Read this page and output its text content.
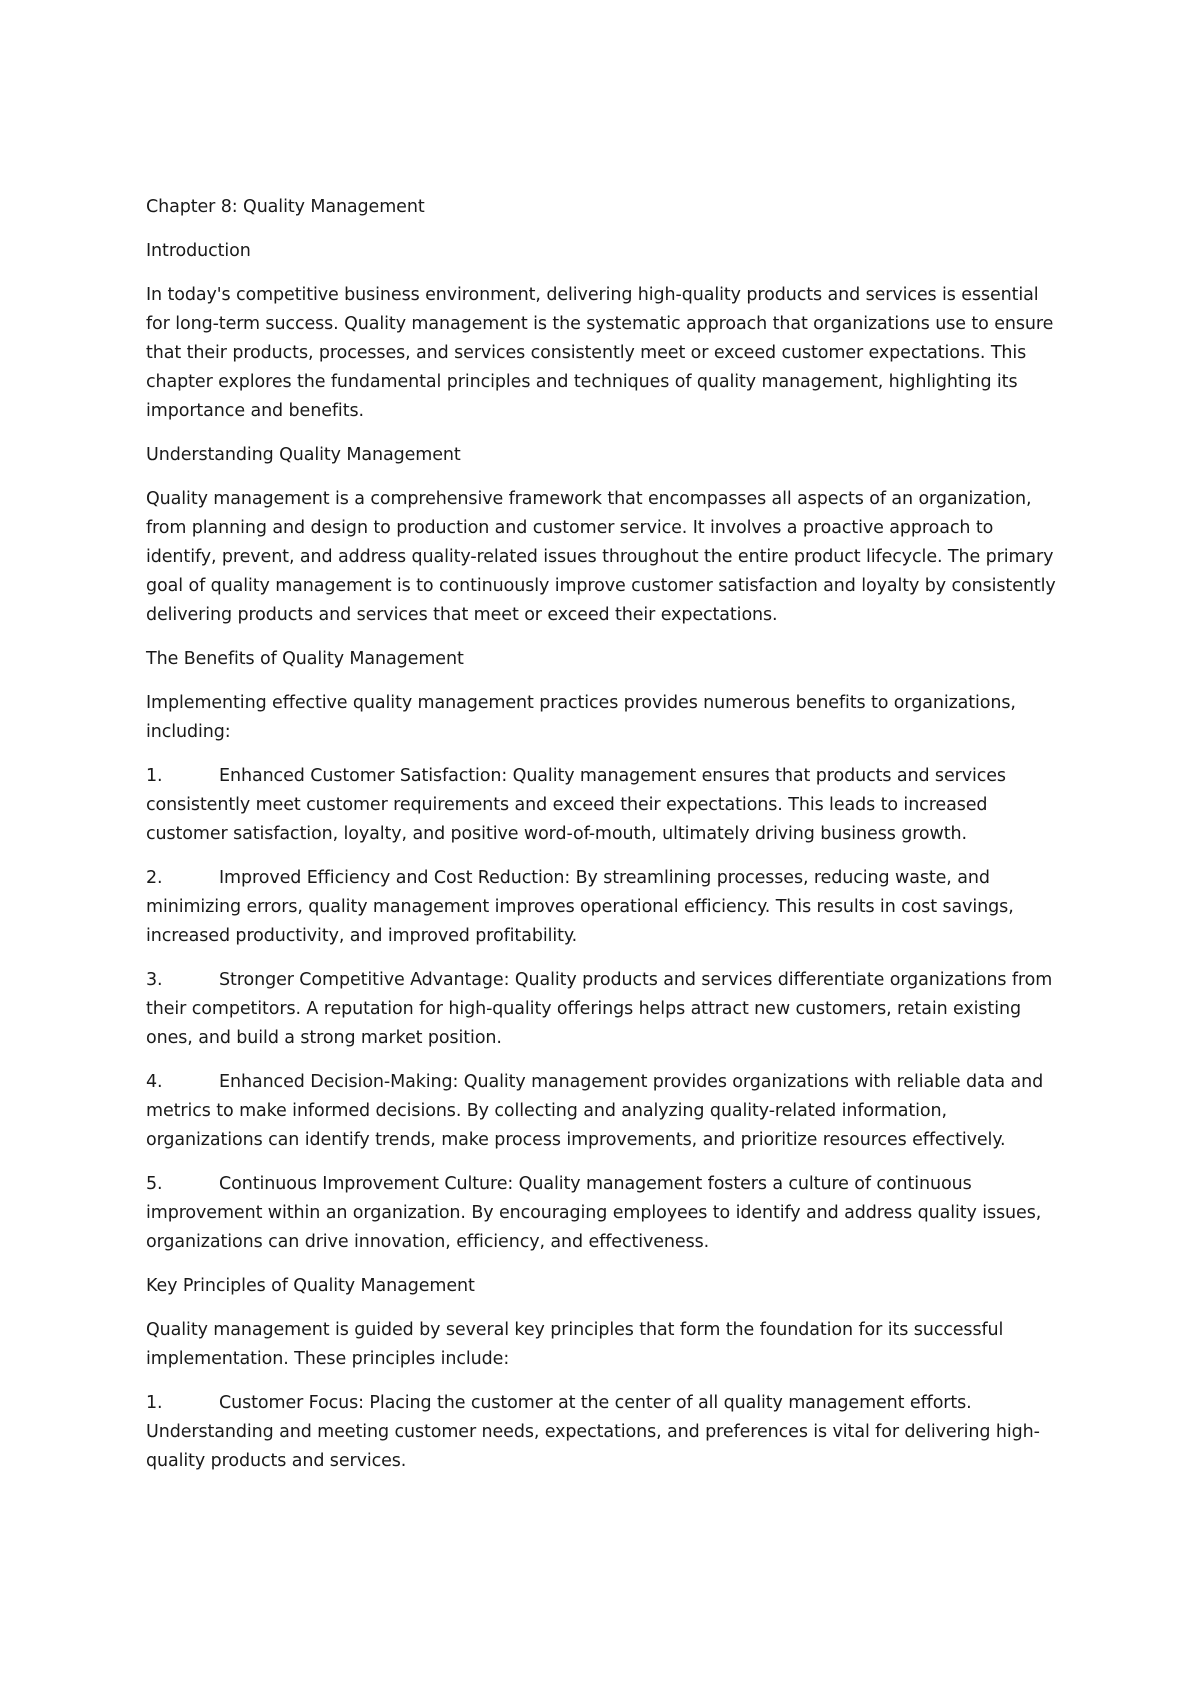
Chapter 8: Quality Management

Introduction

In today's competitive business environment, delivering high-quality products and services is essential for long-term success. Quality management is the systematic approach that organizations use to ensure that their products, processes, and services consistently meet or exceed customer expectations. This chapter explores the fundamental principles and techniques of quality management, highlighting its importance and benefits.

Understanding Quality Management

Quality management is a comprehensive framework that encompasses all aspects of an organization, from planning and design to production and customer service. It involves a proactive approach to identify, prevent, and address quality-related issues throughout the entire product lifecycle. The primary goal of quality management is to continuously improve customer satisfaction and loyalty by consistently delivering products and services that meet or exceed their expectations.

The Benefits of Quality Management

Implementing effective quality management practices provides numerous benefits to organizations, including:

1.	Enhanced Customer Satisfaction: Quality management ensures that products and services consistently meet customer requirements and exceed their expectations. This leads to increased customer satisfaction, loyalty, and positive word-of-mouth, ultimately driving business growth.

2.	Improved Efficiency and Cost Reduction: By streamlining processes, reducing waste, and minimizing errors, quality management improves operational efficiency. This results in cost savings, increased productivity, and improved profitability.

3.	Stronger Competitive Advantage: Quality products and services differentiate organizations from their competitors. A reputation for high-quality offerings helps attract new customers, retain existing ones, and build a strong market position.

4.	Enhanced Decision-Making: Quality management provides organizations with reliable data and metrics to make informed decisions. By collecting and analyzing quality-related information, organizations can identify trends, make process improvements, and prioritize resources effectively.

5.	Continuous Improvement Culture: Quality management fosters a culture of continuous improvement within an organization. By encouraging employees to identify and address quality issues, organizations can drive innovation, efficiency, and effectiveness.

Key Principles of Quality Management

Quality management is guided by several key principles that form the foundation for its successful implementation. These principles include:

1.	Customer Focus: Placing the customer at the center of all quality management efforts. Understanding and meeting customer needs, expectations, and preferences is vital for delivering high-quality products and services.
